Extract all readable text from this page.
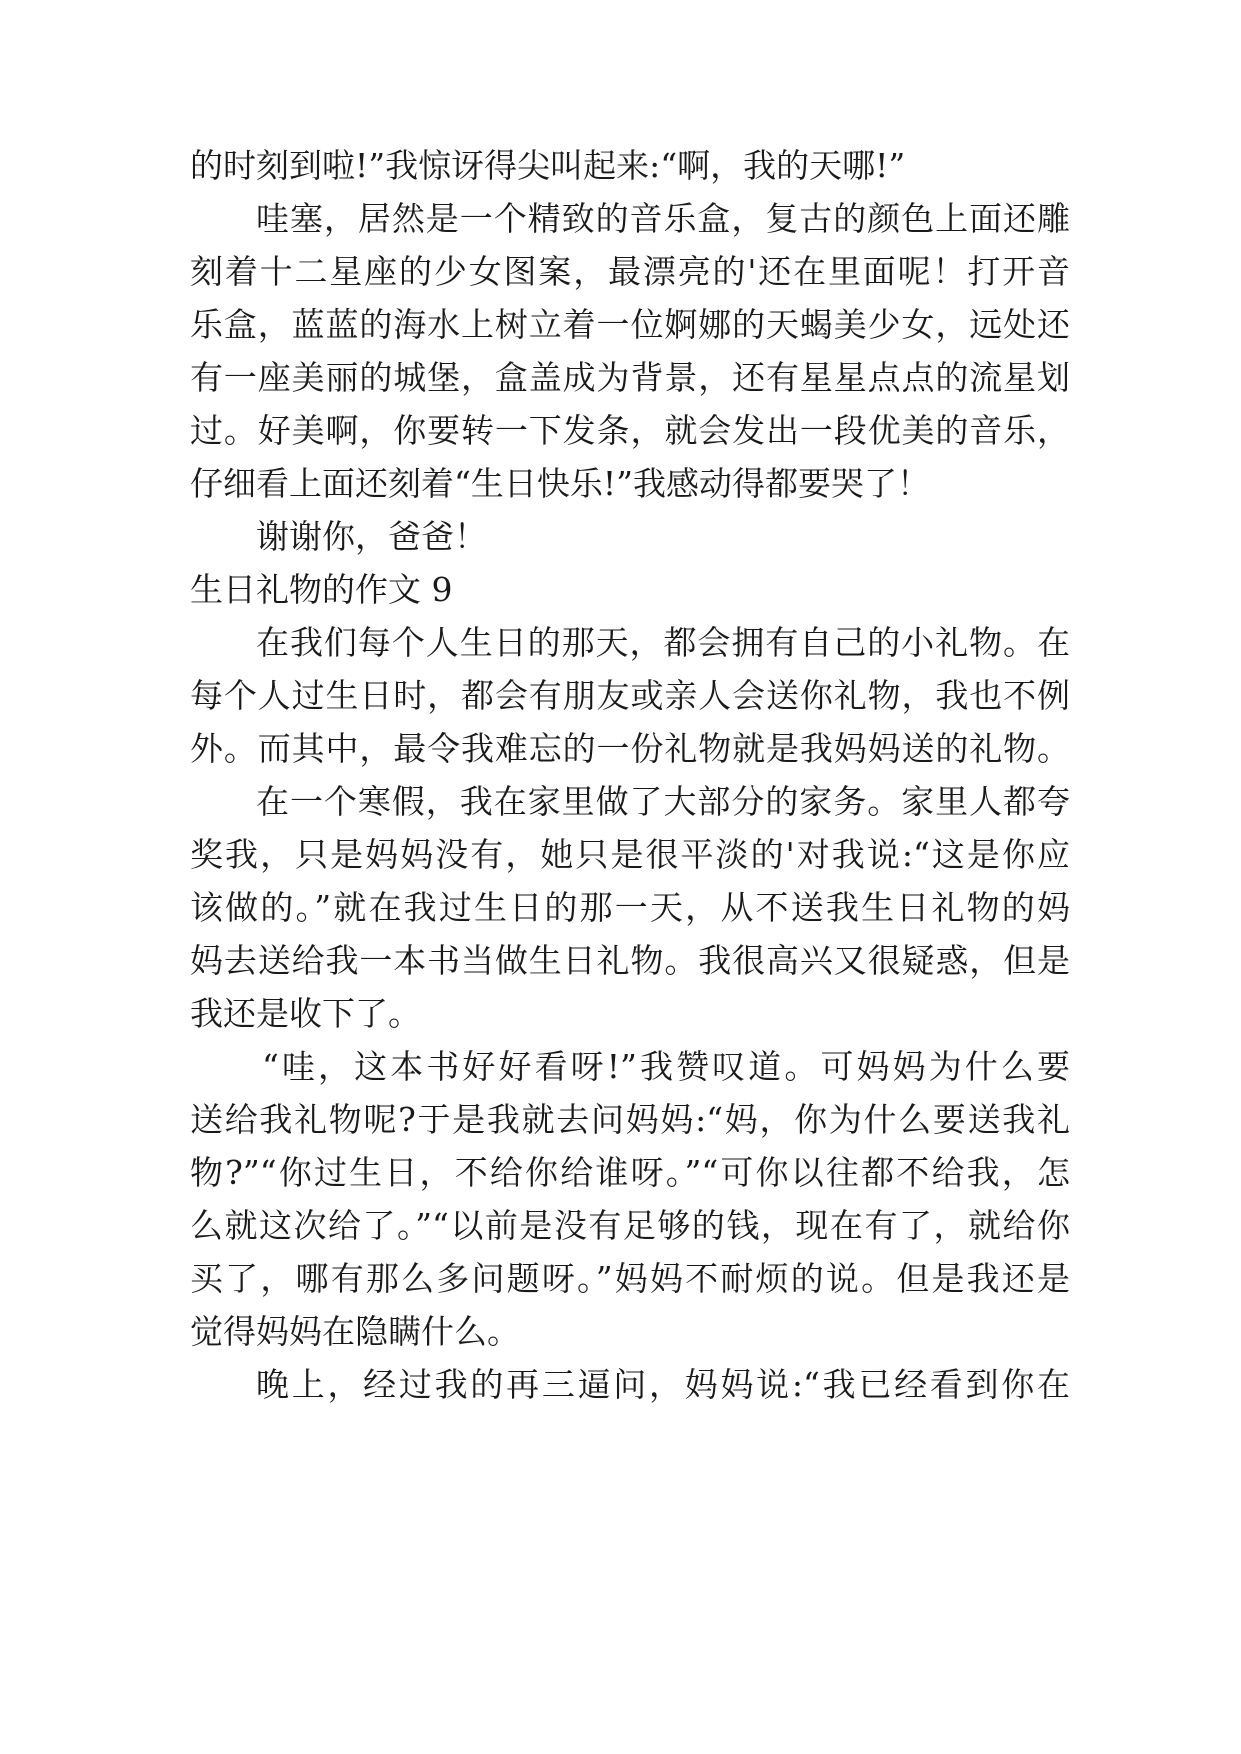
的时刻到啦!”我惊讶得尖叫起来:“啊，我的天哪!”
哇塞，居然是一个精致的音乐盒，复古的颜色上面还雕
刻着十二星座的少女图案，最漂亮的'还在里面呢！打开音
乐盒，蓝蓝的海水上树立着一位婀娜的天蝎美少女，远处还
有一座美丽的城堡，盒盖成为背景，还有星星点点的流星划
过。好美啊，你要转一下发条，就会发出一段优美的音乐，
仔细看上面还刻着“生日快乐!”我感动得都要哭了！
谢谢你，爸爸！
生日礼物的作文 9
在我们每个人生日的那天，都会拥有自己的小礼物。在
每个人过生日时，都会有朋友或亲人会送你礼物，我也不例
外。而其中，最令我难忘的一份礼物就是我妈妈送的礼物。
在一个寒假，我在家里做了大部分的家务。家里人都夸
奖我，只是妈妈没有，她只是很平淡的'对我说:“这是你应
该做的。”就在我过生日的那一天，从不送我生日礼物的妈
妈去送给我一本书当做生日礼物。我很高兴又很疑惑，但是
我还是收下了。
“哇，这本书好好看呀!”我赞叹道。可妈妈为什么要
送给我礼物呢?于是我就去问妈妈:“妈，你为什么要送我礼
物?”“你过生日，不给你给谁呀。”“可你以往都不给我，怎
么就这次给了。”“以前是没有足够的钱，现在有了，就给你
买了，哪有那么多问题呀。”妈妈不耐烦的说。但是我还是
觉得妈妈在隐瞒什么。
晚上，经过我的再三逼问，妈妈说:“我已经看到你在
